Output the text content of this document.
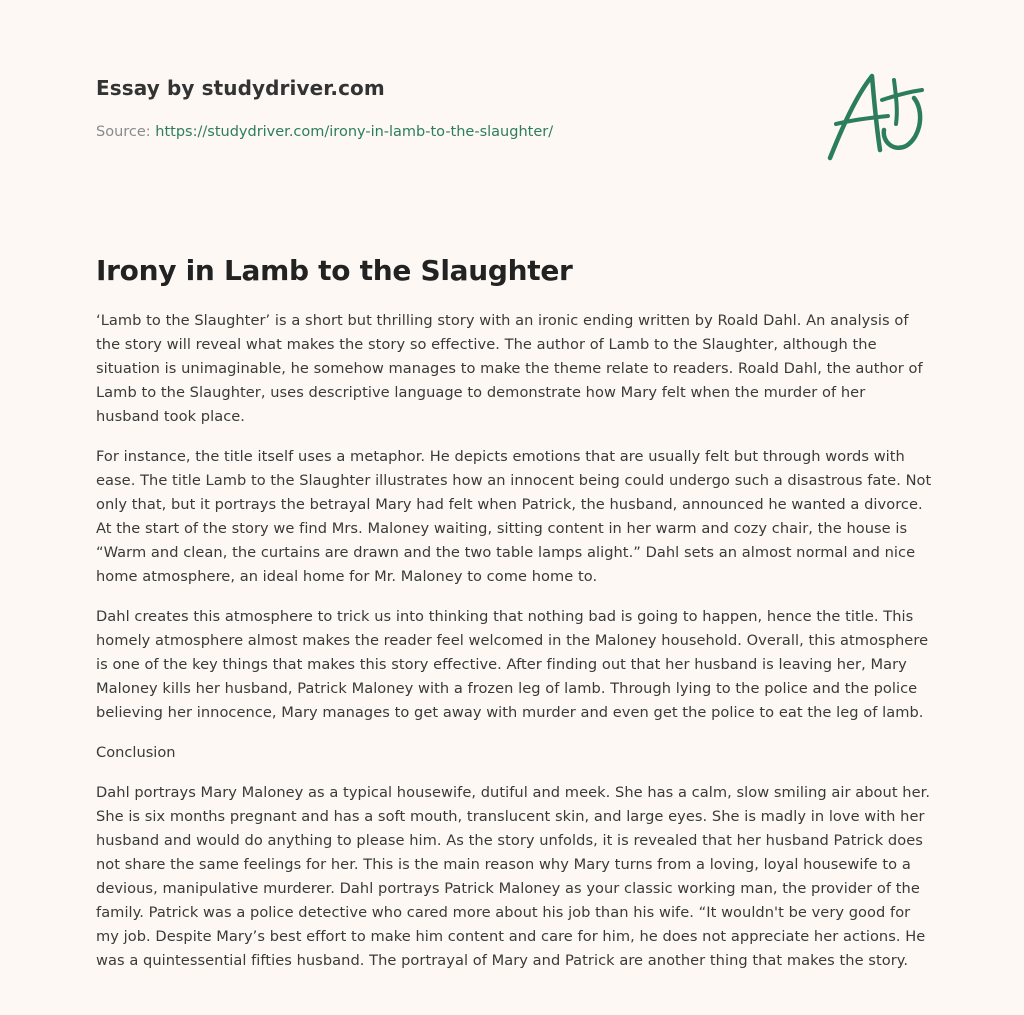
Essay by studydriver.com
Source: https://studydriver.com/irony-in-lamb-to-the-slaughter/
Irony in Lamb to the Slaughter

‘Lamb to the Slaughter’ is a short but thrilling story with an ironic ending written by Roald Dahl. An analysis of the story will reveal what makes the story so effective. The author of Lamb to the Slaughter, although the situation is unimaginable, he somehow manages to make the theme relate to readers. Roald Dahl, the author of Lamb to the Slaughter, uses descriptive language to demonstrate how Mary felt when the murder of her husband took place.

For instance, the title itself uses a metaphor. He depicts emotions that are usually felt but through words with ease. The title Lamb to the Slaughter illustrates how an innocent being could undergo such a disastrous fate. Not only that, but it portrays the betrayal Mary had felt when Patrick, the husband, announced he wanted a divorce. At the start of the story we find Mrs. Maloney waiting, sitting content in her warm and cozy chair, the house is “Warm and clean, the curtains are drawn and the two table lamps alight.” Dahl sets an almost normal and nice home atmosphere, an ideal home for Mr. Maloney to come home to.

Dahl creates this atmosphere to trick us into thinking that nothing bad is going to happen, hence the title. This homely atmosphere almost makes the reader feel welcomed in the Maloney household. Overall, this atmosphere is one of the key things that makes this story effective. After finding out that her husband is leaving her, Mary Maloney kills her husband, Patrick Maloney with a frozen leg of lamb. Through lying to the police and the police believing her innocence, Mary manages to get away with murder and even get the police to eat the leg of lamb.

Conclusion

Dahl portrays Mary Maloney as a typical housewife, dutiful and meek. She has a calm, slow smiling air about her. She is six months pregnant and has a soft mouth, translucent skin, and large eyes. She is madly in love with her husband and would do anything to please him. As the story unfolds, it is revealed that her husband Patrick does not share the same feelings for her. This is the main reason why Mary turns from a loving, loyal housewife to a devious, manipulative murderer. Dahl portrays Patrick Maloney as your classic working man, the provider of the family. Patrick was a police detective who cared more about his job than his wife. “It wouldn't be very good for my job. Despite Mary’s best effort to make him content and care for him, he does not appreciate her actions. He was a quintessential fifties husband. The portrayal of Mary and Patrick are another thing that makes the story.
